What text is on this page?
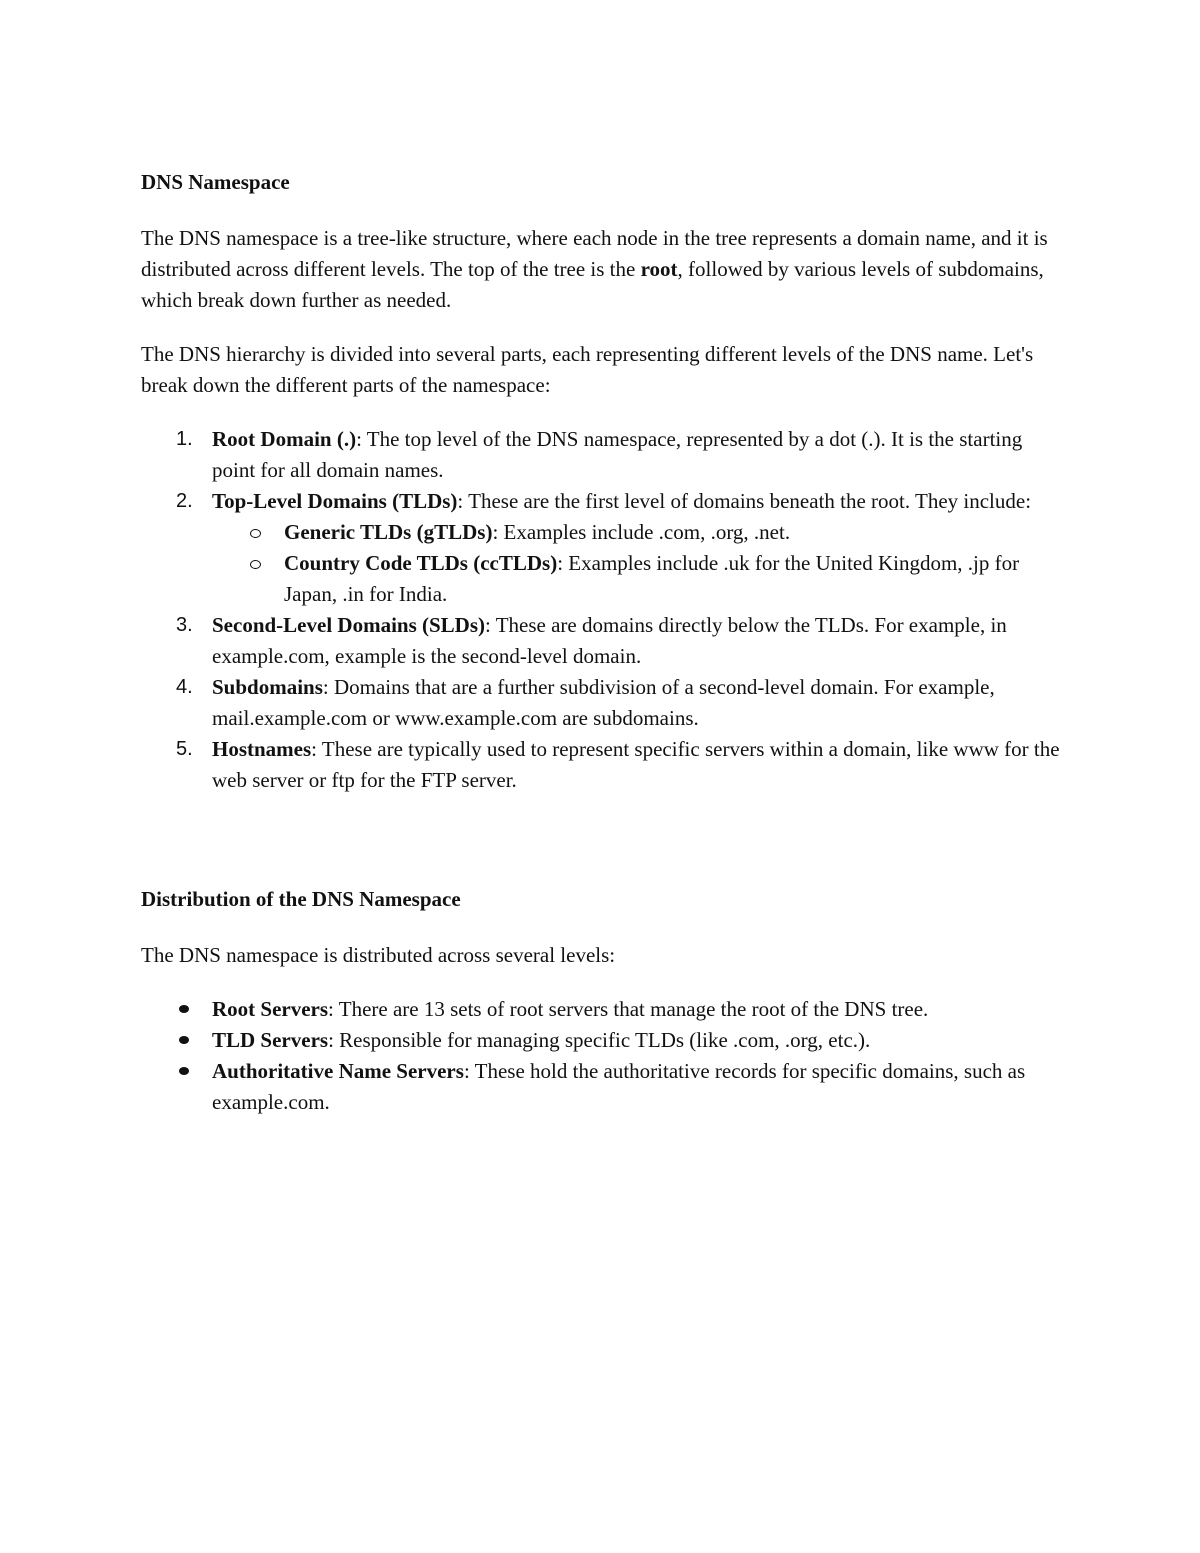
DNS Namespace

The DNS namespace is a tree-like structure, where each node in the tree represents a domain name, and it is distributed across different levels. The top of the tree is the root, followed by various levels of subdomains, which break down further as needed.

The DNS hierarchy is divided into several parts, each representing different levels of the DNS name. Let's break down the different parts of the namespace:

1. Root Domain (.): The top level of the DNS namespace, represented by a dot (.). It is the starting point for all domain names.
2. Top-Level Domains (TLDs): These are the first level of domains beneath the root. They include:
Generic TLDs (gTLDs): Examples include .com, .org, .net.
Country Code TLDs (ccTLDs): Examples include .uk for the United Kingdom, .jp for Japan, .in for India.
3. Second-Level Domains (SLDs): These are domains directly below the TLDs. For example, in example.com, example is the second-level domain.
4. Subdomains: Domains that are a further subdivision of a second-level domain. For example, mail.example.com or www.example.com are subdomains.
5. Hostnames: These are typically used to represent specific servers within a domain, like www for the web server or ftp for the FTP server.
Distribution of the DNS Namespace

The DNS namespace is distributed across several levels:

Root Servers: There are 13 sets of root servers that manage the root of the DNS tree.
TLD Servers: Responsible for managing specific TLDs (like .com, .org, etc.).
Authoritative Name Servers: These hold the authoritative records for specific domains, such as example.com.
